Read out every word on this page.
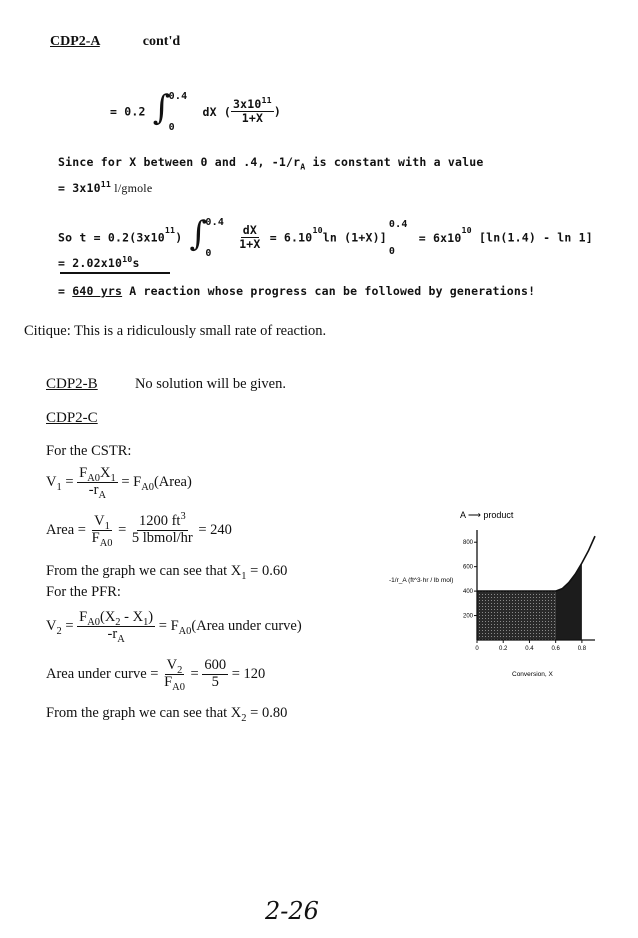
CDP2-A	cont'd
= 0.2 ∫
0.4
0
dX ( $\frac{3x10^{11}}{1+X}$ )
Since for X between 0 and .4, $-1/r_A$ is constant with a value
= $3x10^{11}$ l/gmole
So $t = 0.2(3x10^{11})$ ∫
0.4
0

$\frac{dX}{1+X} = 6.10^{10}\ln$ (1+X)]
0.4
0
= $6x10^{10}$ [ln(1.4) - ln 1]
= $2.02x10^{10}s$
= 640 yrs A reaction whose progress can be followed by generations!
Citique: This is a ridiculously small rate of reaction.
CDP2-B	No solution will be given.
CDP2-C
For the CSTR:
$V_1 = \frac{F_{A0}X_1}{-r_A}$ = $F_{A0}(Area)$
Area = $\frac{V_1}{F_{A0}} = \frac{1200 ft^3}{\text{5 lbmol/hr}} = 240$
From the graph we can see that $X_1 = 0.60$
For the PFR:
$V_2 = \frac{F_{A0}(X_2 - X_1)}{-r_A}$ = $F_{A0}(Area$ under curve)
Area under curve = $\frac{V_2}{F_{A0}} = \frac{600}{5} = 120$
From the graph we can see that $X_2 = 0.80$
A ⟶ product
-1/r_A (ft^3·hr / lb mol)
0	0.2	0.4	0.6	0.8
200
400
600
800
Conversion, X
2-26
